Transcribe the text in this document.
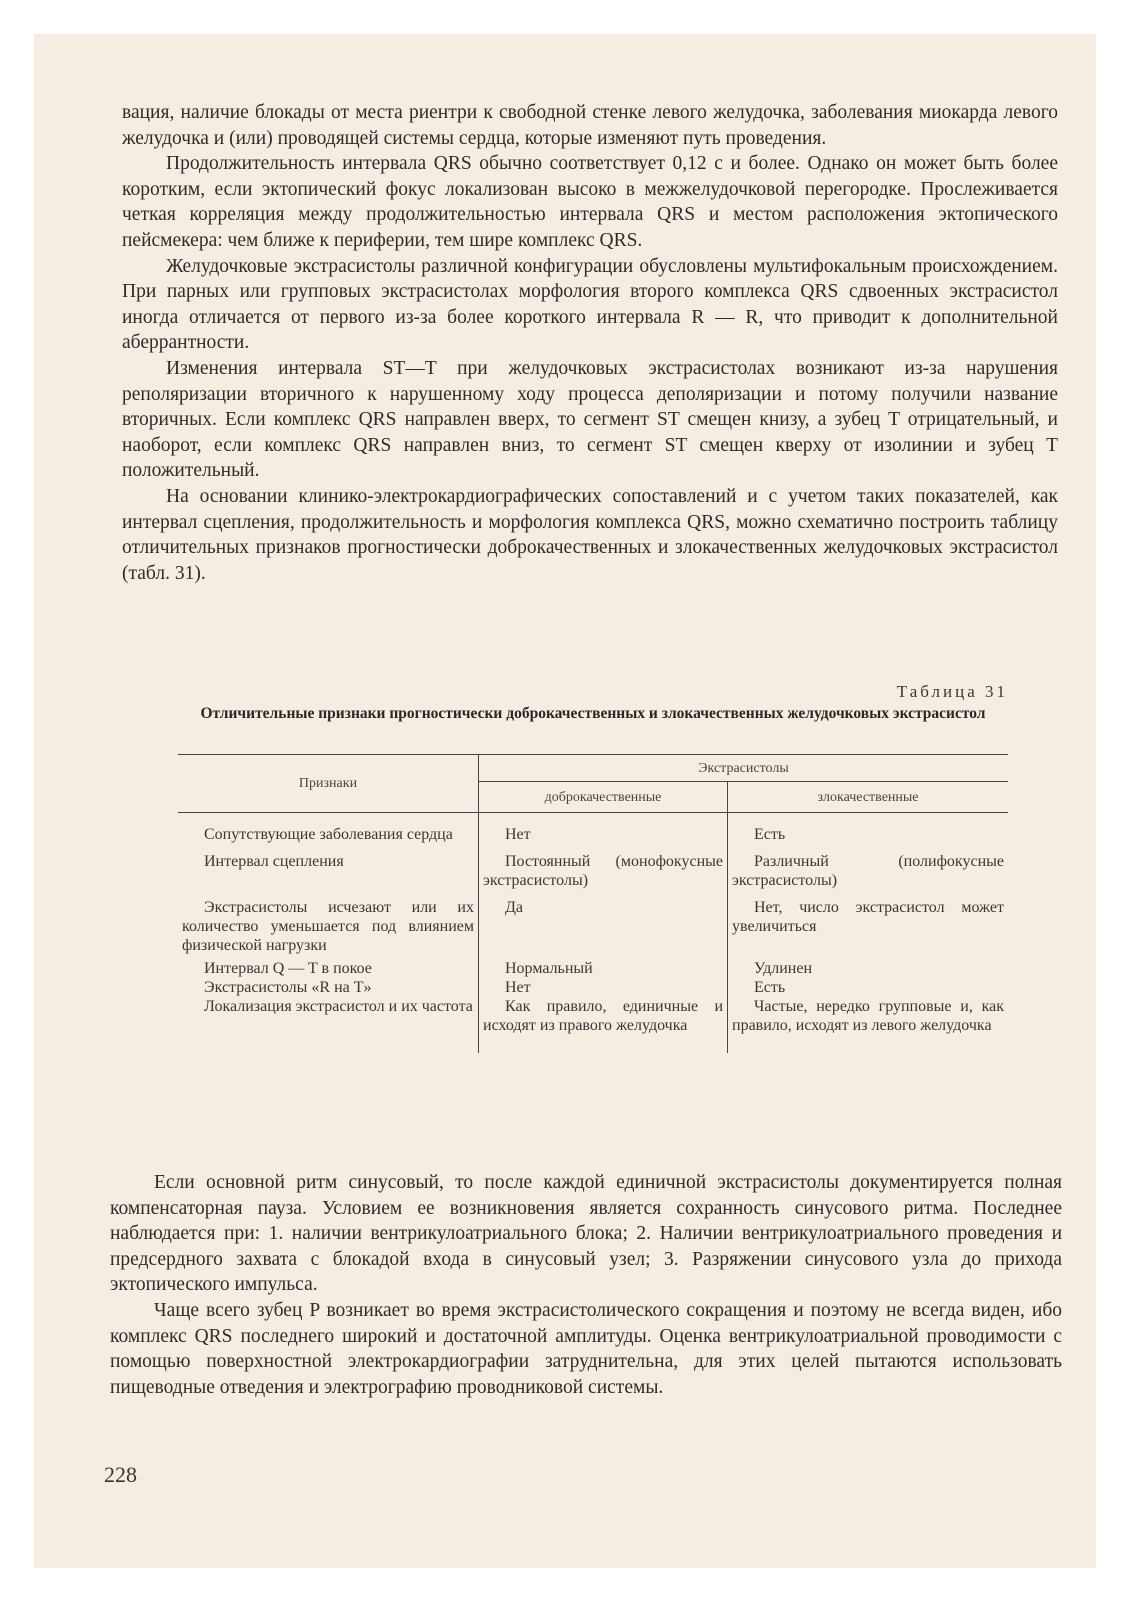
вация, наличие блокады от места риентри к свободной стенке левого желудочка, заболевания миокарда левого желудочка и (или) проводящей системы сердца, которые изменяют путь проведения.

Продолжительность интервала QRS обычно соответствует 0,12 с и более. Однако он может быть более коротким, если эктопический фокус локализован высоко в межжелудочковой перегородке. Прослеживается четкая корреляция между продолжительностью интервала QRS и местом расположения эктопического пейсмекера: чем ближе к периферии, тем шире комплекс QRS.

Желудочковые экстрасистолы различной конфигурации обусловлены мультифокальным происхождением. При парных или групповых экстрасистолах морфология второго комплекса QRS сдвоенных экстрасистол иногда отличается от первого из-за более короткого интервала R — R, что приводит к дополнительной аберрантности.

Изменения интервала ST—T при желудочковых экстрасистолах возникают из-за нарушения реполяризации вторичного к нарушенному ходу процесса деполяризации и потому получили название вторичных. Если комплекс QRS направлен вверх, то сегмент ST смещен книзу, а зубец T отрицательный, и наоборот, если комплекс QRS направлен вниз, то сегмент ST смещен кверху от изолинии и зубец T положительный.

На основании клинико-электрокардиографических сопоставлений и с учетом таких показателей, как интервал сцепления, продолжительность и морфология комплекса QRS, можно схематично построить таблицу отличительных признаков прогностически доброкачественных и злокачественных желудочковых экстрасистол (табл. 31).

Таблица 31
Отличительные признаки прогностически доброкачественных и злокачественных желудочковых экстрасистол
Признаки	Экстрасистолы	
	доброкачественные	злокачественные

Сопутствующие заболевания сердца	Нет	Есть

Интервал сцепления	Постоянный (монофокусные экстрасистолы)	Различный (полифокусные экстрасистолы)

Экстрасистолы исчезают или их количество уменьшается под влиянием физической нагрузки	Да	Нет, число экстрасистол может увеличиться

Интервал Q — T в покое	Нормальный	Удлинен

Экстрасистолы «R на T»	Нет	Есть

Локализация экстрасистол и их частота	Как правило, единичные и исходят из правого желудочка	Частые, нередко групповые и, как правило, исходят из левого желудочка

Если основной ритм синусовый, то после каждой единичной экстрасистолы документируется полная компенсаторная пауза. Условием ее возникновения является сохранность синусового ритма. Последнее наблюдается при: 1. наличии вентрикулоатриального блока; 2. Наличии вентрикулоатриального проведения и предсердного захвата с блокадой входа в синусовый узел; 3. Разряжении синусового узла до прихода эктопического импульса.

Чаще всего зубец P возникает во время экстрасистолического сокращения и поэтому не всегда виден, ибо комплекс QRS последнего широкий и достаточной амплитуды. Оценка вентрикулоатриальной проводимости с помощью поверхностной электрокардиографии затруднительна, для этих целей пытаются использовать пищеводные отведения и электрографию проводниковой системы.

228
